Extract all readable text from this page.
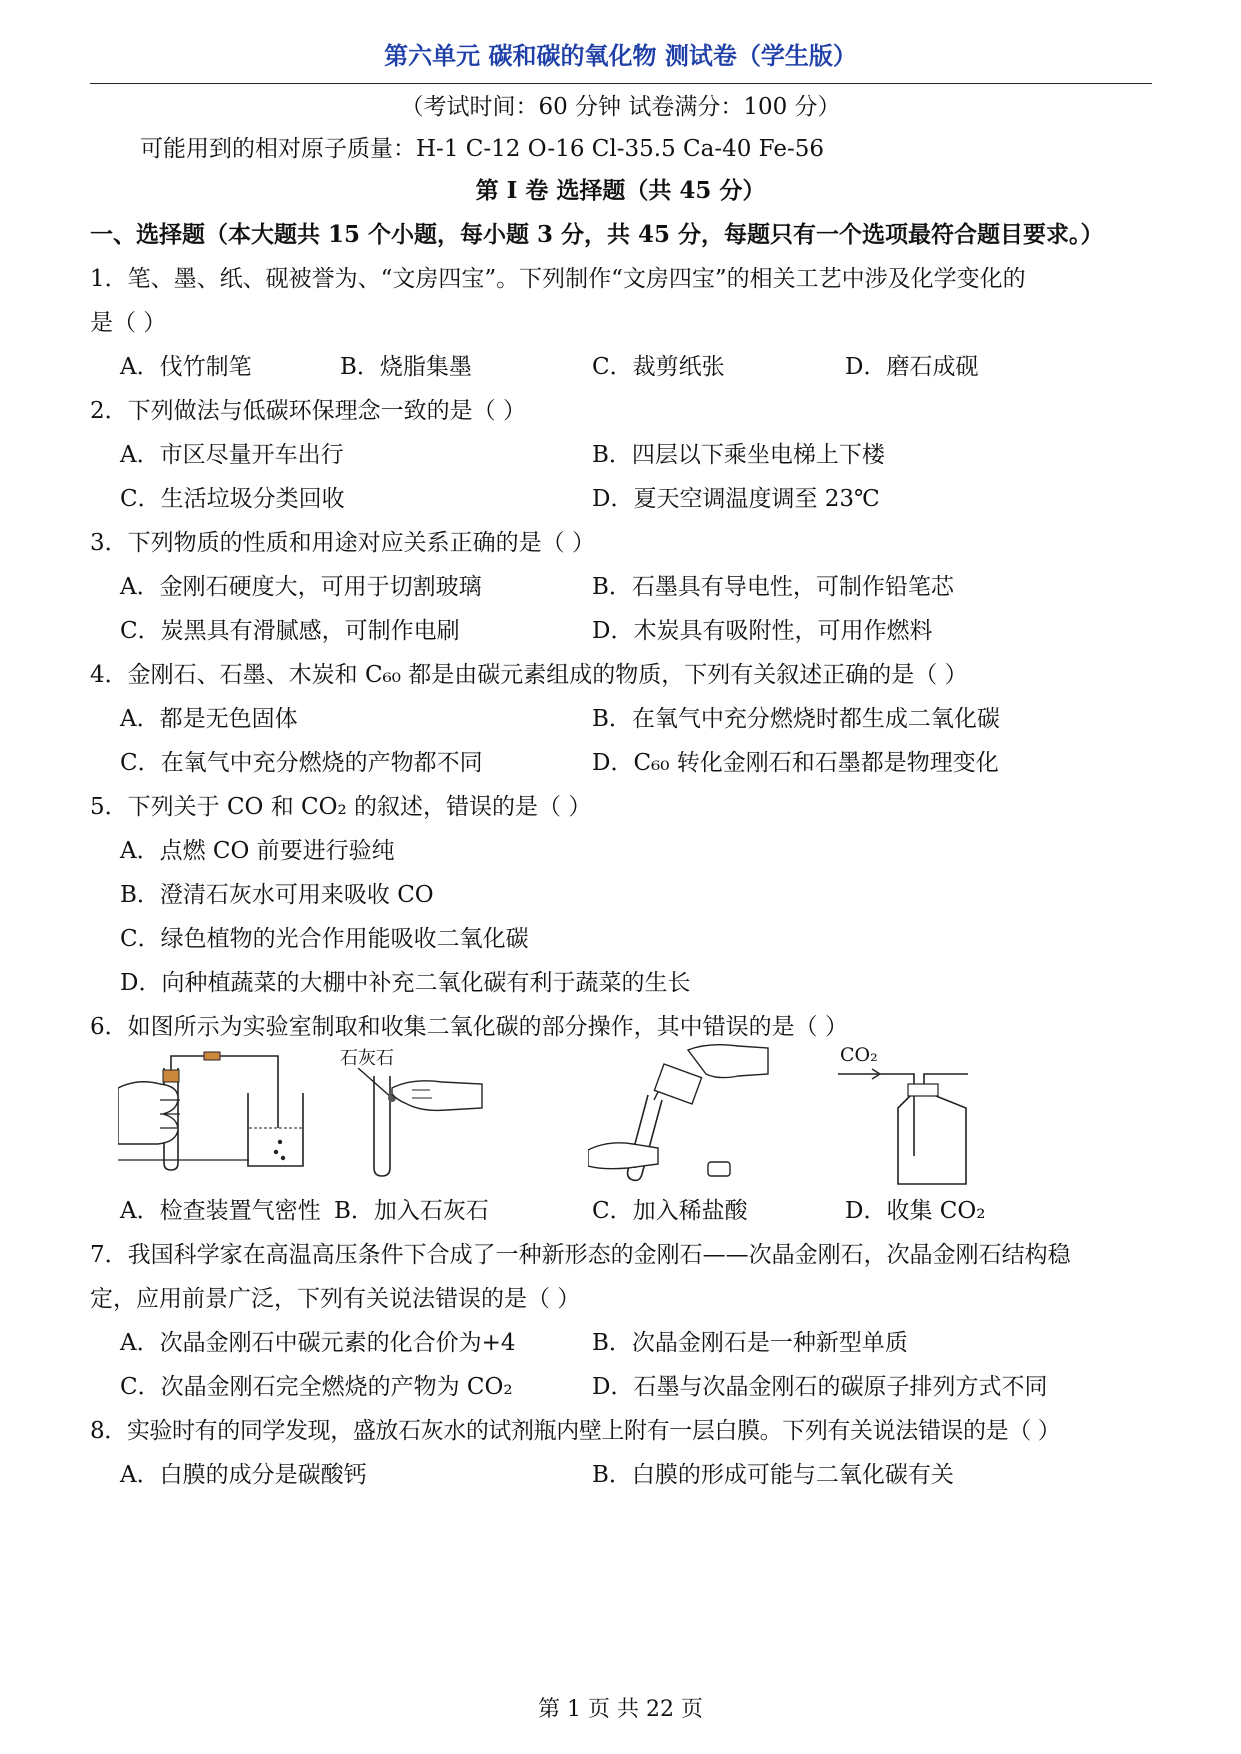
第六单元 碳和碳的氧化物 测试卷（学生版）
（考试时间：60 分钟 试卷满分：100 分）
可能用到的相对原子质量：H-1 C-12 O-16 Cl-35.5 Ca-40 Fe-56
第 I 卷 选择题（共 45 分）
一、选择题（本大题共 15 个小题，每小题 3 分，共 45 分，每题只有一个选项最符合题目要求。）
1．笔、墨、纸、砚被誉为、“文房四宝”。下列制作“文房四宝”的相关工艺中涉及化学变化的
是（ ）
A．伐竹制笔	B．烧脂集墨	C．裁剪纸张	D．磨石成砚
2．下列做法与低碳环保理念一致的是（ ）
A．市区尽量开车出行	B．四层以下乘坐电梯上下楼
C．生活垃圾分类回收	D．夏天空调温度调至 23℃
3．下列物质的性质和用途对应关系正确的是（ ）
A．金刚石硬度大，可用于切割玻璃	B．石墨具有导电性，可制作铅笔芯
C．炭黑具有滑腻感，可制作电刷	D．木炭具有吸附性，可用作燃料
4．金刚石、石墨、木炭和 C₆₀ 都是由碳元素组成的物质，下列有关叙述正确的是（ ）
A．都是无色固体	B．在氧气中充分燃烧时都生成二氧化碳
C．在氧气中充分燃烧的产物都不同	D．C₆₀ 转化金刚石和石墨都是物理变化
5．下列关于 CO 和 CO₂ 的叙述，错误的是（ ）
A．点燃 CO 前要进行验纯
B．澄清石灰水可用来吸收 CO
C．绿色植物的光合作用能吸收二氧化碳
D．向种植蔬菜的大棚中补充二氧化碳有利于蔬菜的生长
6．如图所示为实验室制取和收集二氧化碳的部分操作，其中错误的是（ ）
石灰石	CO₂
A．检查装置气密性 B．加入石灰石	C．加入稀盐酸	D．收集 CO₂
7．我国科学家在高温高压条件下合成了一种新形态的金刚石——次晶金刚石，次晶金刚石结构稳
定，应用前景广泛，下列有关说法错误的是（ ）
A．次晶金刚石中碳元素的化合价为+4	B．次晶金刚石是一种新型单质
C．次晶金刚石完全燃烧的产物为 CO₂	D．石墨与次晶金刚石的碳原子排列方式不同
8．实验时有的同学发现，盛放石灰水的试剂瓶内壁上附有一层白膜。下列有关说法错误的是（ ）
A．白膜的成分是碳酸钙	B．白膜的形成可能与二氧化碳有关
第 1 页 共 22 页
